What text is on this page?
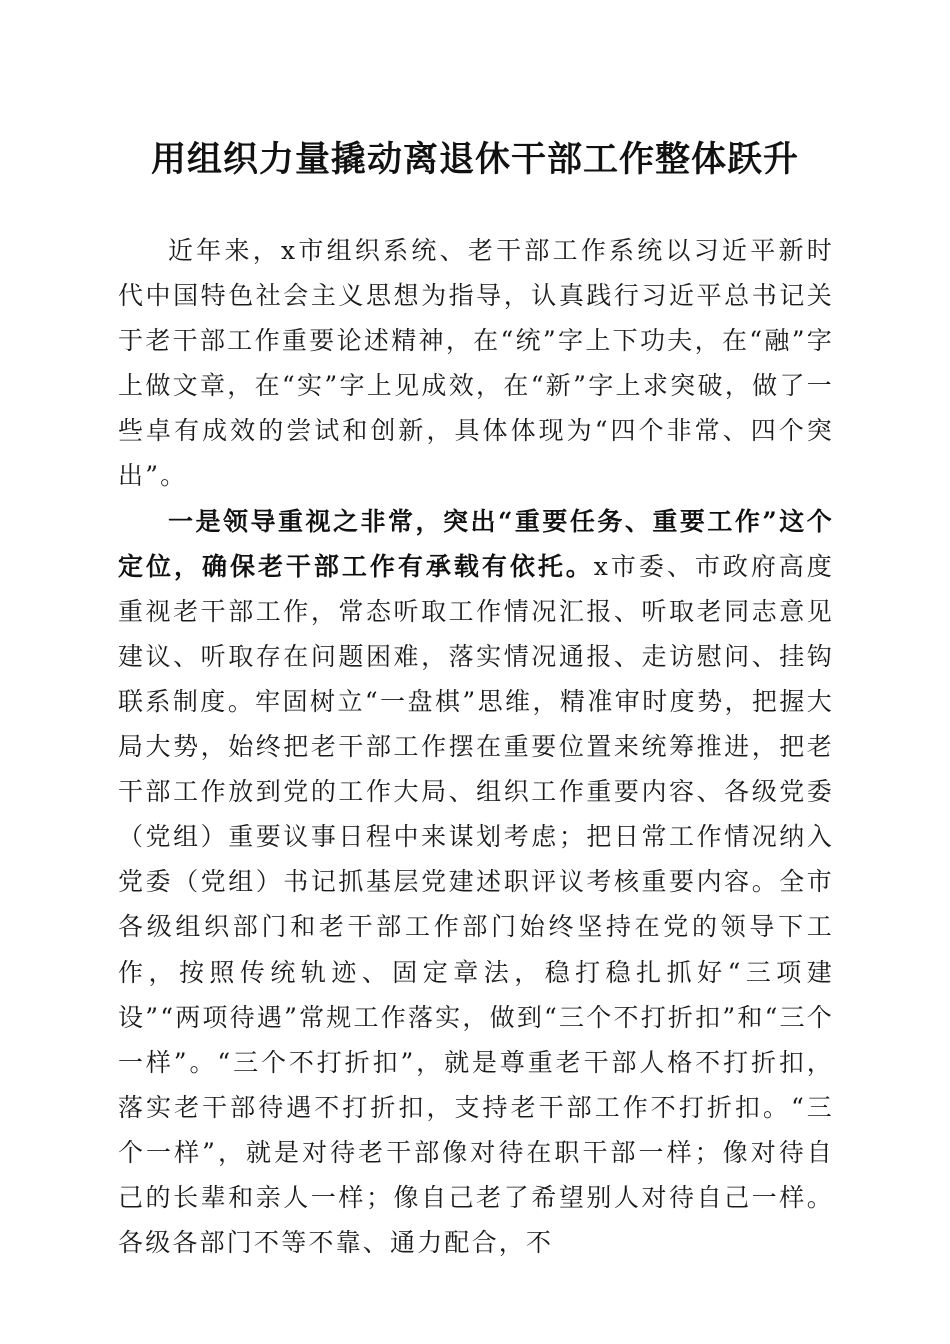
用组织力量撬动离退休干部工作整体跃升

近年来，x市组织系统、老干部工作系统以习近平新时代中国特色社会主义思想为指导，认真践行习近平总书记关于老干部工作重要论述精神，在“统”字上下功夫，在“融”字上做文章，在“实”字上见成效，在“新”字上求突破，做了一些卓有成效的尝试和创新，具体体现为“四个非常、四个突出”。

一是领导重视之非常，突出“重要任务、重要工作”这个定位，确保老干部工作有承载有依托。x市委、市政府高度重视老干部工作，常态听取工作情况汇报、听取老同志意见建议、听取存在问题困难，落实情况通报、走访慰问、挂钩联系制度。牢固树立“一盘棋”思维，精准审时度势，把握大局大势，始终把老干部工作摆在重要位置来统筹推进，把老干部工作放到党的工作大局、组织工作重要内容、各级党委（党组）重要议事日程中来谋划考虑；把日常工作情况纳入党委（党组）书记抓基层党建述职评议考核重要内容。全市各级组织部门和老干部工作部门始终坚持在党的领导下工作，按照传统轨迹、固定章法，稳打稳扎抓好“三项建设”“两项待遇”常规工作落实，做到“三个不打折扣”和“三个一样”。“三个不打折扣”，就是尊重老干部人格不打折扣，落实老干部待遇不打折扣，支持老干部工作不打折扣。“三个一样”，就是对待老干部像对待在职干部一样；像对待自己的长辈和亲人一样；像自己老了希望别人对待自己一样。各级各部门不等不靠、通力配合，不
